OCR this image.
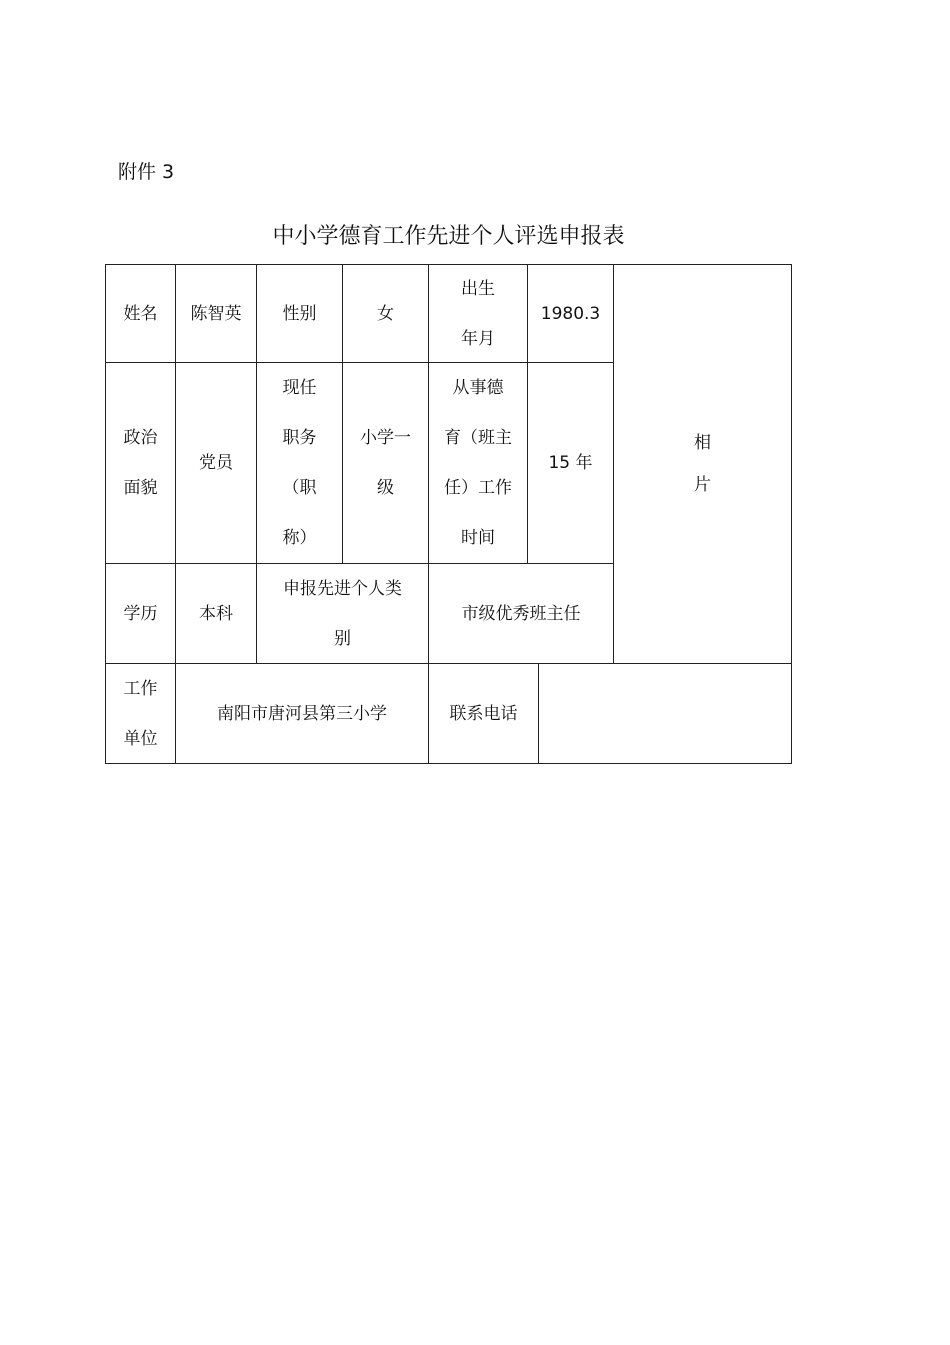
附件 3
中小学德育工作先进个人评选申报表
姓名 陈智英 性别	女
出生
年月
1980.3
相
片
政治
面貌
党员
现任
职务
（职
称）
小学一
级
从事德
育（班主
任）工作
时间
15 年
学历 本科
申报先进个人类
别
市级优秀班主任
工作
单位
南阳市唐河县第三小学	联系电话
